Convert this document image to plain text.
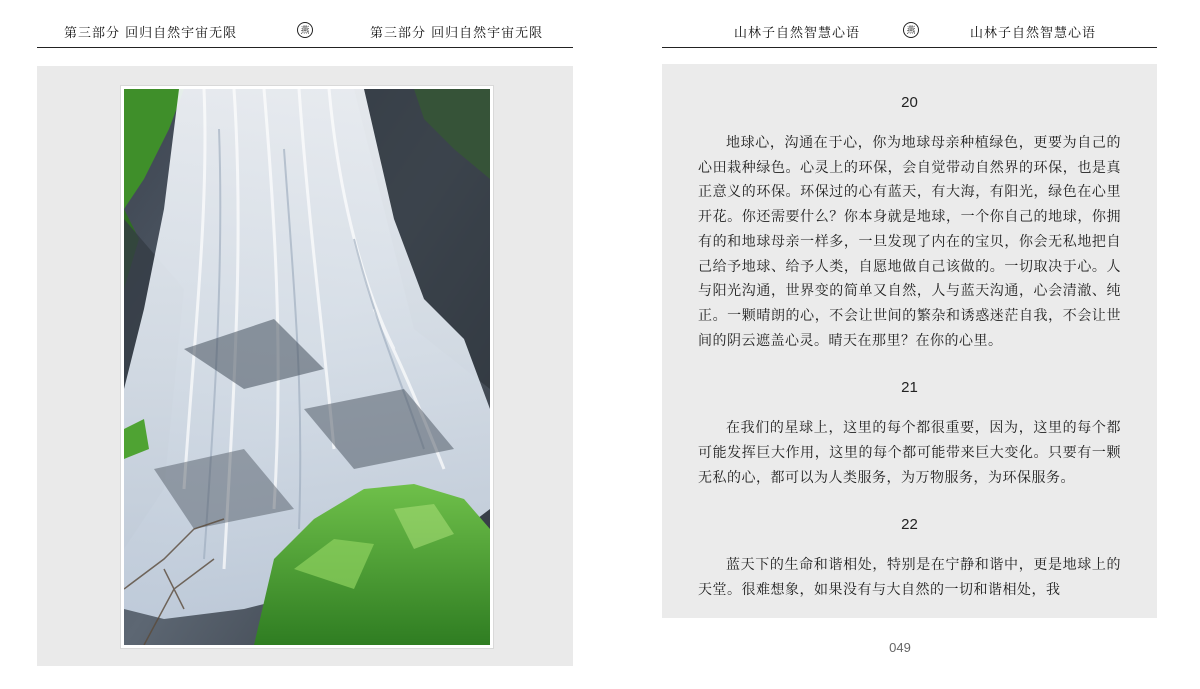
第三部分 回归自然宇宙无限	燕	第三部分 回归自然宇宙无限	山林子自然智慧心语	燕	山林子自然智慧心语

20

地球心，沟通在于心，你为地球母亲种植绿色，更要为自己的心田栽种绿色。心灵上的环保，会自觉带动自然界的环保，也是真正意义的环保。环保过的心有蓝天，有大海，有阳光，绿色在心里开花。你还需要什么？你本身就是地球，一个你自己的地球，你拥有的和地球母亲一样多，一旦发现了内在的宝贝，你会无私地把自己给予地球、给予人类，自愿地做自己该做的。一切取决于心。人与阳光沟通，世界变的简单又自然，人与蓝天沟通，心会清澈、纯正。一颗晴朗的心，不会让世间的繁杂和诱惑迷茫自我，不会让世间的阴云遮盖心灵。晴天在那里？在你的心里。

21

在我们的星球上，这里的每个都很重要，因为，这里的每个都可能发挥巨大作用，这里的每个都可能带来巨大变化。只要有一颗无私的心，都可以为人类服务，为万物服务，为环保服务。

22

蓝天下的生命和谐相处，特别是在宁静和谐中，更是地球上的天堂。很难想象，如果没有与大自然的一切和谐相处，我

049
